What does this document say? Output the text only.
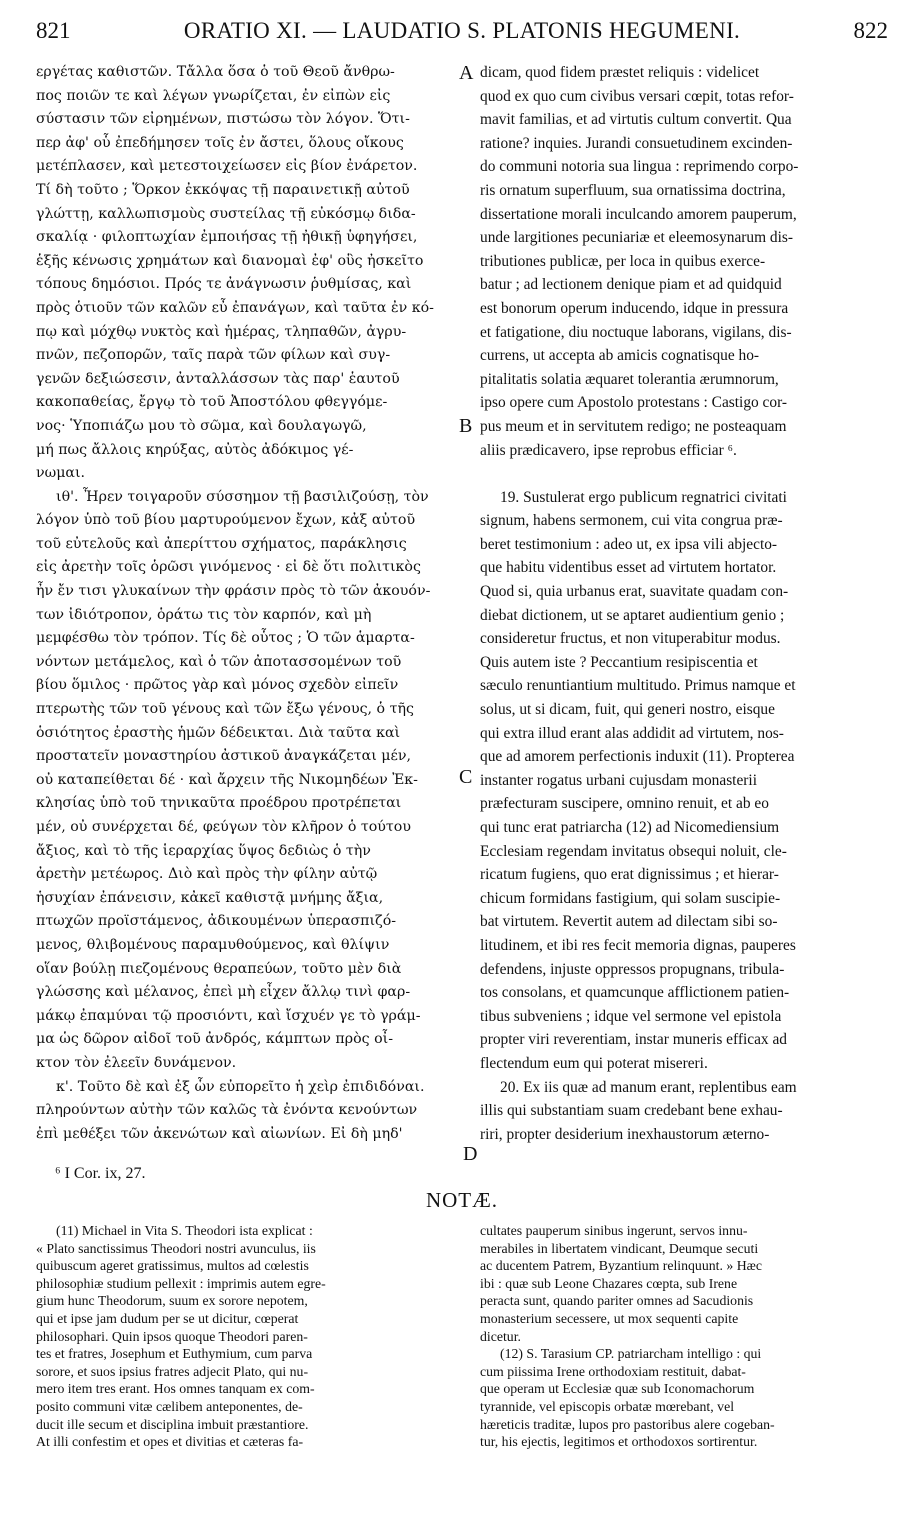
821	ORATIO XI. — LAUDATIO S. PLATONIS HEGUMENI.	822
εργέτας καθιστῶν. Τἄλλα ὅσα ὁ τοῦ Θεοῦ ἄνθρω-
πος ποιῶν τε καὶ λέγων γνωρίζεται, ἐν εἰπὼν εἰς
σύστασιν τῶν εἰρημένων, πιστώσω τὸν λόγον. Ὅτι-
περ ἀφ' οὗ ἐπεδήμησεν τοῖς ἐν ἄστει, ὅλους οἴκους
μετέπλασεν, καὶ μετεστοιχείωσεν εἰς βίον ἐνάρετον.
Τί δὴ τοῦτο ; Ὅρκον ἐκκόψας τῇ παραινετικῇ αὐτοῦ
γλώττῃ, καλλωπισμοὺς συστείλας τῇ εὐκόσμῳ διδα-
σκαλίᾳ · φιλοπτωχίαν ἐμποιήσας τῇ ἠθικῇ ὑφηγήσει,
ἑξῆς κένωσις χρημάτων καὶ διανομαὶ ἐφ' οὓς ἠσκεῖτο
τόπους δημόσιοι. Πρός τε ἀνάγνωσιν ῥυθμίσας, καὶ
πρὸς ὁτιοῦν τῶν καλῶν εὖ ἐπανάγων, καὶ ταῦτα ἐν κό-
πῳ καὶ μόχθῳ νυκτὸς καὶ ἡμέρας, τληπαθῶν, ἀγρυ-
πνῶν, πεζοπορῶν, ταῖς παρὰ τῶν φίλων καὶ συγ-
γενῶν δεξιώσεσιν, ἀνταλλάσσων τὰς παρ' ἑαυτοῦ
κακοπαθείας, ἔργῳ τὸ τοῦ Ἀποστόλου φθεγγόμε-
νος· Ὑποπιάζω μου τὸ σῶμα, καὶ δουλαγωγῶ,
μή πως ἄλλοις κηρύξας, αὐτὸς ἀδόκιμος γέ-
νωμαι.
ιθ'. Ἦρεν τοιγαροῦν σύσσημον τῇ βασιλιζούσῃ, τὸν
λόγον ὑπὸ τοῦ βίου μαρτυρούμενον ἔχων, κἀξ αὐτοῦ
τοῦ εὐτελοῦς καὶ ἀπερίττου σχήματος, παράκλησις
εἰς ἀρετὴν τοῖς ὁρῶσι γινόμενος · εἰ δὲ ὅτι πολιτικὸς
ἦν ἔν τισι γλυκαίνων τὴν φράσιν πρὸς τὸ τῶν ἀκουόν-
των ἰδιότροπον, ὁράτω τις τὸν καρπόν, καὶ μὴ
μεμφέσθω τὸν τρόπον. Τίς δὲ οὗτος ; Ὁ τῶν ἁμαρτα-
νόντων μετάμελος, καὶ ὁ τῶν ἀποτασσομένων τοῦ
βίου ὅμιλος · πρῶτος γὰρ καὶ μόνος σχεδὸν εἰπεῖν
πτερωτὴς τῶν τοῦ γένους καὶ τῶν ἔξω γένους, ὁ τῆς
ὁσιότητος ἐραστὴς ἡμῶν δέδεικται. Διὰ ταῦτα καὶ
προστατεῖν μοναστηρίου ἀστικοῦ ἀναγκάζεται μέν,
οὐ καταπείθεται δέ · καὶ ἄρχειν τῆς Νικομηδέων Ἐκ-
κλησίας ὑπὸ τοῦ τηνικαῦτα προέδρου προτρέπεται
μέν, οὐ συνέρχεται δέ, φεύγων τὸν κλῆρον ὁ τούτου
ἄξιος, καὶ τὸ τῆς ἱεραρχίας ὕψος δεδιὼς ὁ τὴν
ἀρετὴν μετέωρος. Διὸ καὶ πρὸς τὴν φίλην αὐτῷ
ἡσυχίαν ἐπάνεισιν, κἀκεῖ καθιστᾷ μνήμης ἄξια,
πτωχῶν προϊστάμενος, ἀδικουμένων ὑπερασπιζό-
μενος, θλιβομένους παραμυθούμενος, καὶ θλίψιν
οἵαν βούλῃ πιεζομένους θεραπεύων, τοῦτο μὲν διὰ
γλώσσης καὶ μέλανος, ἐπεὶ μὴ εἶχεν ἄλλῳ τινὶ φαρ-
μάκῳ ἐπαμύναι τῷ προσιόντι, καὶ ἴσχυέν γε τὸ γράμ-
μα ὡς δῶρον αἰδοῖ τοῦ ἀνδρός, κάμπτων πρὸς οἶ-
κτον τὸν ἐλεεῖν δυνάμενον.
κ'. Τοῦτο δὲ καὶ ἐξ ὧν εὐπορεῖτο ἡ χεὶρ ἐπιδιδόναι.
πληρούντων αὐτὴν τῶν καλῶς τὰ ἐνόντα κενούντων
ἐπὶ μεθέξει τῶν ἀκενώτων καὶ αἰωνίων. Εἰ δὴ μηδ'
dicam, quod fidem præstet reliquis : videlicet
quod ex quo cum civibus versari cœpit, totas refor-
mavit familias, et ad virtutis cultum convertit. Qua
ratione? inquies. Jurandi consuetudinem excinden-
do communi notoria sua lingua : reprimendo corpo-
ris ornatum superfluum, sua ornatissima doctrina,
dissertatione morali inculcando amorem pauperum,
unde largitiones pecuniariæ et eleemosynarum dis-
tributiones publicæ, per loca in quibus exerce-
batur ; ad lectionem denique piam et ad quidquid
est bonorum operum inducendo, idque in pressura
et fatigatione, diu noctuque laborans, vigilans, dis-
currens, ut accepta ab amicis cognatisque ho-
pitalitatis solatia æquaret tolerantia ærumnorum,
ipso opere cum Apostolo protestans : Castigo cor-
pus meum et in servitutem redigo; ne posteaquam
aliis prædicavero, ipse reprobus efficiar ⁶.
19. Sustulerat ergo publicum regnatrici civitati
signum, habens sermonem, cui vita congrua præ-
beret testimonium : adeo ut, ex ipsa vili abjecto-
que habitu videntibus esset ad virtutem hortator.
Quod si, quia urbanus erat, suavitate quadam con-
diebat dictionem, ut se aptaret audientium genio ;
consideretur fructus, et non vituperabitur modus.
Quis autem iste ? Peccantium resipiscentia et
sæculo renuntiantium multitudo. Primus namque et
solus, ut si dicam, fuit, qui generi nostro, eisque
qui extra illud erant alas addidit ad virtutem, nos-
que ad amorem perfectionis induxit (11). Propterea
instanter rogatus urbani cujusdam monasterii
præfecturam suscipere, omnino renuit, et ab eo
qui tunc erat patriarcha (12) ad Nicomediensium
Ecclesiam regendam invitatus obsequi noluit, cle-
ricatum fugiens, quo erat dignissimus ; et hierar-
chicum formidans fastigium, qui solam suscipie-
bat virtutem. Revertit autem ad dilectam sibi so-
litudinem, et ibi res fecit memoria dignas, pauperes
defendens, injuste oppressos propugnans, tribula-
tos consolans, et quamcunque afflictionem patien-
tibus subveniens ; idque vel sermone vel epistola
propter viri reverentiam, instar muneris efficax ad
flectendum eum qui poterat misereri.
20. Ex iis quæ ad manum erant, replentibus eam
illis qui substantiam suam credebant bene exhau-
riri, propter desiderium inexhaustorum æterno-
A
B
C
D
⁶ I Cor. ix, 27.
NOTÆ.
(11) Michael in Vita S. Theodori ista explicat :
« Plato sanctissimus Theodori nostri avunculus, iis
quibuscum ageret gratissimus, multos ad cœlestis
philosophiæ studium pellexit : imprimis autem egre-
gium hunc Theodorum, suum ex sorore nepotem,
qui et ipse jam dudum per se ut dicitur, cœperat
philosophari. Quin ipsos quoque Theodori paren-
tes et fratres, Josephum et Euthymium, cum parva
sorore, et suos ipsius fratres adjecit Plato, qui nu-
mero item tres erant. Hos omnes tanquam ex com-
posito communi vitæ cælibem anteponentes, de-
ducit ille secum et disciplina imbuit præstantiore.
At illi confestim et opes et divitias et cæteras fa-
cultates pauperum sinibus ingerunt, servos innu-
merabiles in libertatem vindicant, Deumque secuti
ac ducentem Patrem, Byzantium relinquunt. » Hæc
ibi : quæ sub Leone Chazares cœpta, sub Irene
peracta sunt, quando pariter omnes ad Sacudionis
monasterium secessere, ut mox sequenti capite
dicetur.
(12) S. Tarasium CP. patriarcham intelligo : qui
cum piissima Irene orthodoxiam restituit, dabat-
que operam ut Ecclesiæ quæ sub Iconomachorum
tyrannide, vel episcopis orbatæ mœrebant, vel
hæreticis traditæ, lupos pro pastoribus alere cogeban-
tur, his ejectis, legitimos et orthodoxos sortirentur.
